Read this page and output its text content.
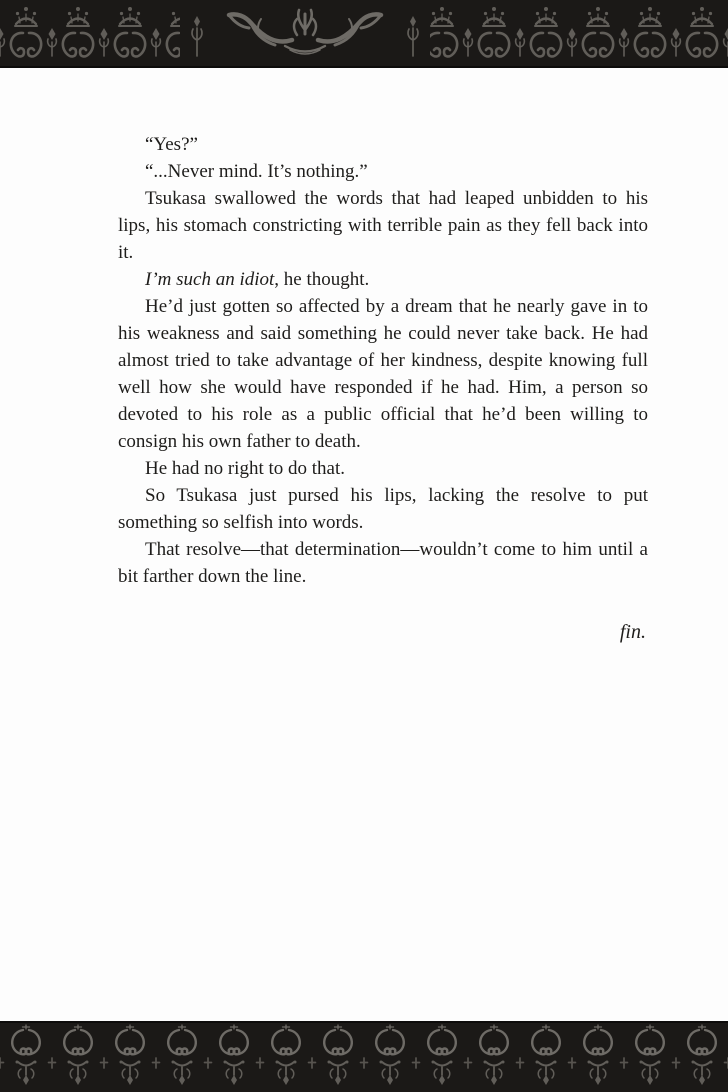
“Yes?”

“...Never mind. It’s nothing.”

Tsukasa swallowed the words that had leaped unbidden to his lips, his stomach constricting with terrible pain as they fell back into it.

I’m such an idiot, he thought.

He’d just gotten so affected by a dream that he nearly gave in to his weakness and said something he could never take back. He had almost tried to take advantage of her kindness, despite knowing full well how she would have responded if he had. Him, a person so devoted to his role as a public official that he’d been willing to consign his own father to death.

He had no right to do that.

So Tsukasa just pursed his lips, lacking the resolve to put something so selfish into words.

That resolve—that determination—wouldn’t come to him until a bit farther down the line.

fin.
